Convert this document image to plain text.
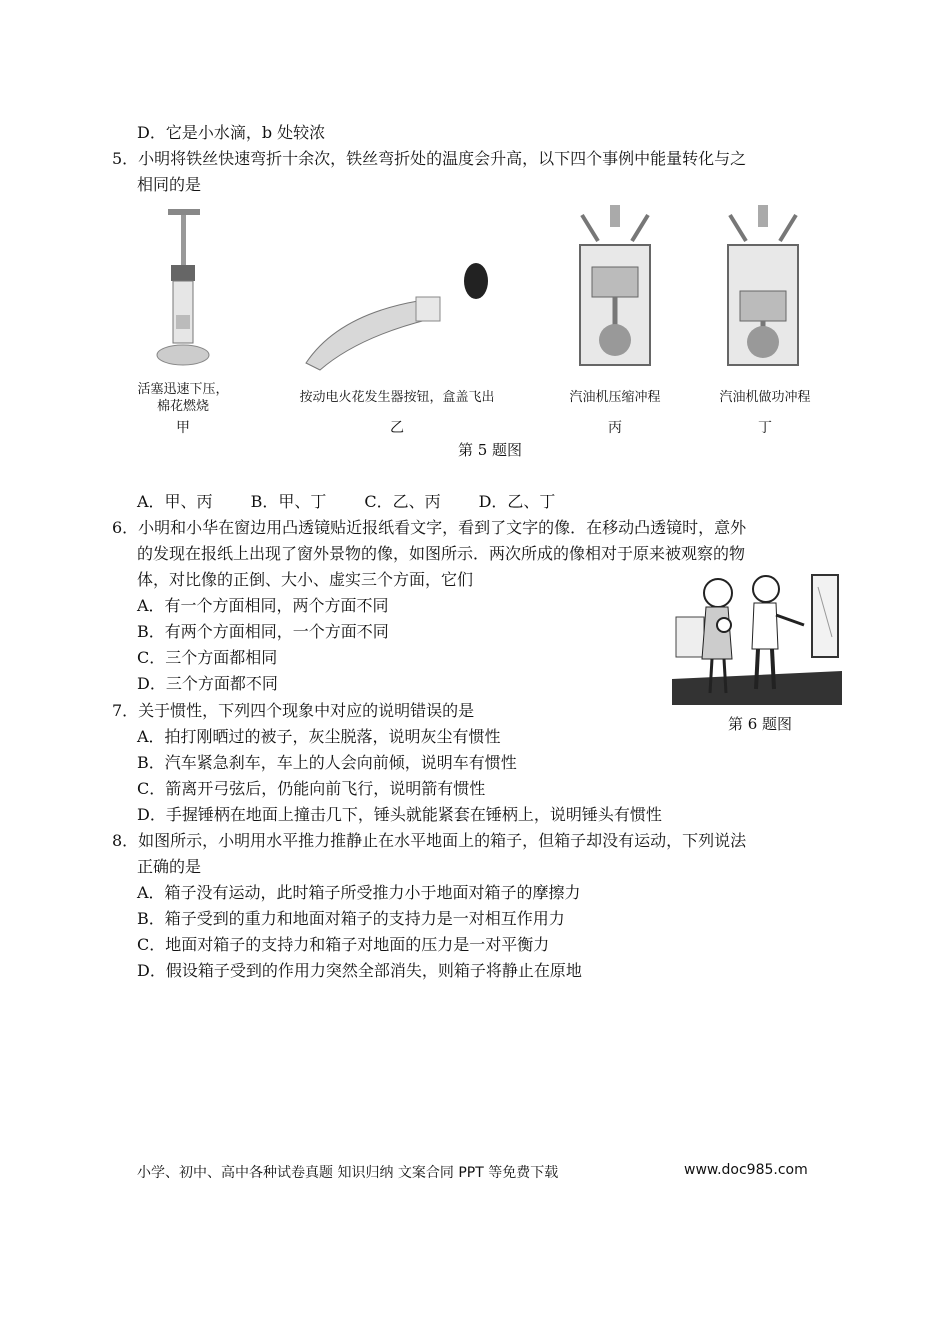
D．它是小水滴，b 处较浓
5．小明将铁丝快速弯折十余次，铁丝弯折处的温度会升高，以下四个事例中能量转化与之
相同的是
活塞迅速下压，
棉花燃烧
按动电火花发生器按钮，盒盖飞出	汽油机压缩冲程	汽油机做功冲程
甲	乙	丙	丁
第 5 题图
A．甲、丙 B．甲、丁 C．乙、丙 D．乙、丁
6．小明和小华在窗边用凸透镜贴近报纸看文字，看到了文字的像．在移动凸透镜时，意外
的发现在报纸上出现了窗外景物的像，如图所示．两次所成的像相对于原来被观察的物
体，对比像的正倒、大小、虚实三个方面，它们
A．有一个方面相同，两个方面不同
B．有两个方面相同，一个方面不同
C．三个方面都相同
D．三个方面都不同
第 6 题图
7．关于惯性，下列四个现象中对应的说明错误的是
A．拍打刚晒过的被子，灰尘脱落，说明灰尘有惯性
B．汽车紧急刹车，车上的人会向前倾，说明车有惯性
C．箭离开弓弦后，仍能向前飞行，说明箭有惯性
D．手握锤柄在地面上撞击几下，锤头就能紧套在锤柄上，说明锤头有惯性
8．如图所示，小明用水平推力推静止在水平地面上的箱子，但箱子却没有运动，下列说法
正确的是
A．箱子没有运动，此时箱子所受推力小于地面对箱子的摩擦力
B．箱子受到的重力和地面对箱子的支持力是一对相互作用力
C．地面对箱子的支持力和箱子对地面的压力是一对平衡力
D．假设箱子受到的作用力突然全部消失，则箱子将静止在原地
小学、初中、高中各种试卷真题 知识归纳 文案合同 PPT 等免费下载	www.doc985.com
